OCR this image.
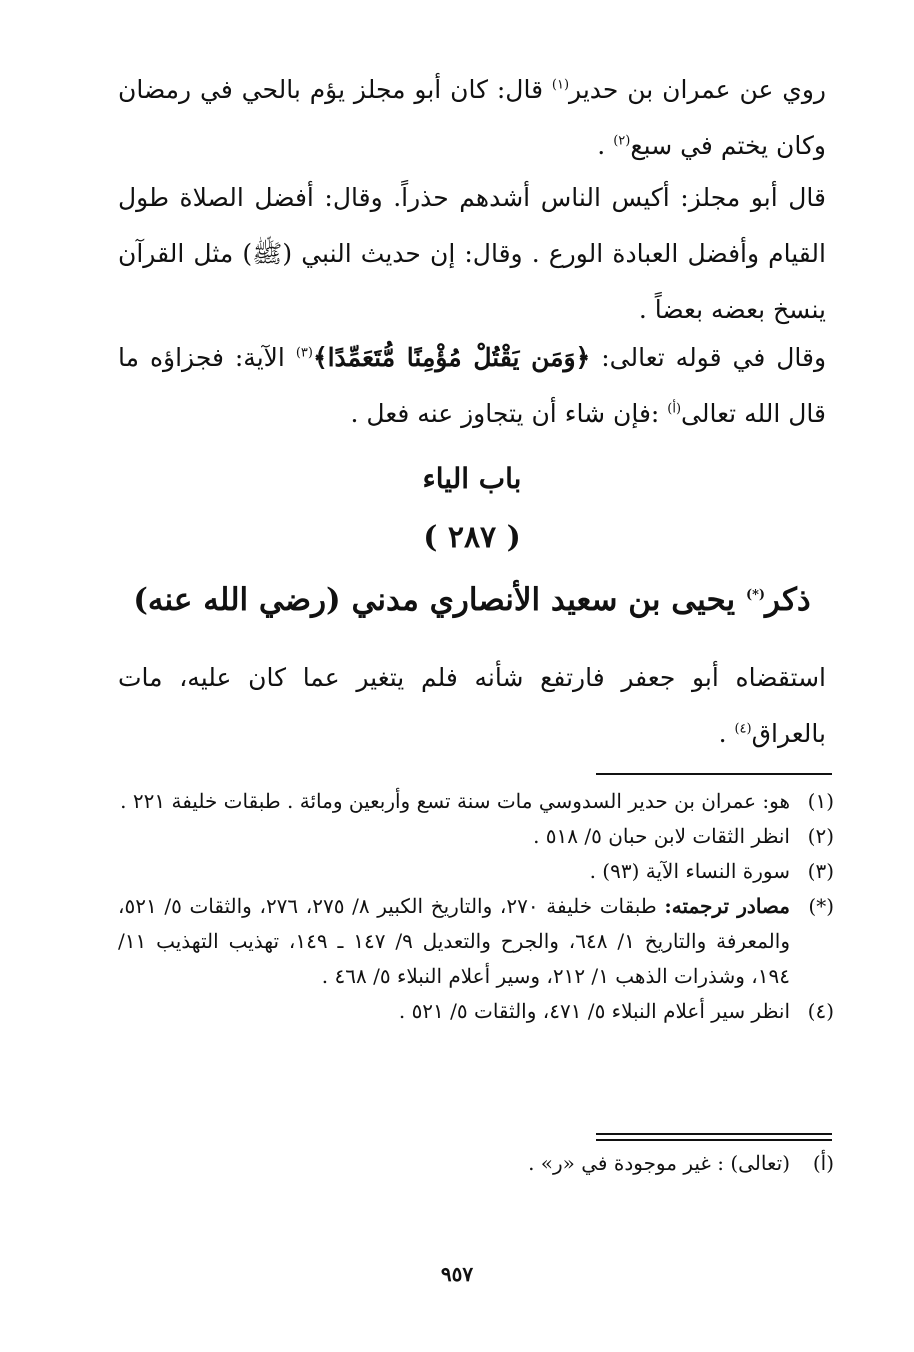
روي عن عمران بن حدير$^{(١)}$ قال: كان أبو مجلز يؤم بالحي في رمضان وكان يختم في سبع$^{(٢)}$ .

قال أبو مجلز: أكيس الناس أشدهم حذراً. وقال: أفضل الصلاة طول القيام وأفضل العبادة الورع . وقال: إن حديث النبي (ﷺ) مثل القرآن ينسخ بعضه بعضاً .

وقال في قوله تعالى: ﴿وَمَن يَقْتُلْ مُؤْمِنًا مُّتَعَمِّدًا﴾$^{(٣)}$ الآية: فجزاؤه ما قال الله تعالى$^{(أ)}$ :فإن شاء أن يتجاوز عنه فعل .

باب الياء
( ٢٨٧ )
ذكر(*) يحيى بن سعيد الأنصاري مدني (رضي الله عنه)

استقضاه أبو جعفر فارتفع شأنه فلم يتغير عما كان عليه، مات بالعراق$^{(٤)}$ .

(١)
هو: عمران بن حدير السدوسي مات سنة تسع وأربعين ومائة . طبقات خليفة ٢٢١ .
(٢)
انظر الثقات لابن حبان ٥/ ٥١٨ .
(٣)
سورة النساء الآية (٩٣) .
(*)
مصادر ترجمته: طبقات خليفة ٢٧٠، والتاريخ الكبير ٨/ ٢٧٥، ٢٧٦، والثقات ٥/ ٥٢١، والمعرفة والتاريخ ١/ ٦٤٨، والجرح والتعديل ٩/ ١٤٧ ـ ١٤٩، تهذيب التهذيب ١١/ ١٩٤، وشذرات الذهب ١/ ٢١٢، وسير أعلام النبلاء ٥/ ٤٦٨ .
(٤)
انظر سير أعلام النبلاء ٥/ ٤٧١، والثقات ٥/ ٥٢١ .
(أ)
(تعالى) : غير موجودة في «ر» .
٩٥٧
